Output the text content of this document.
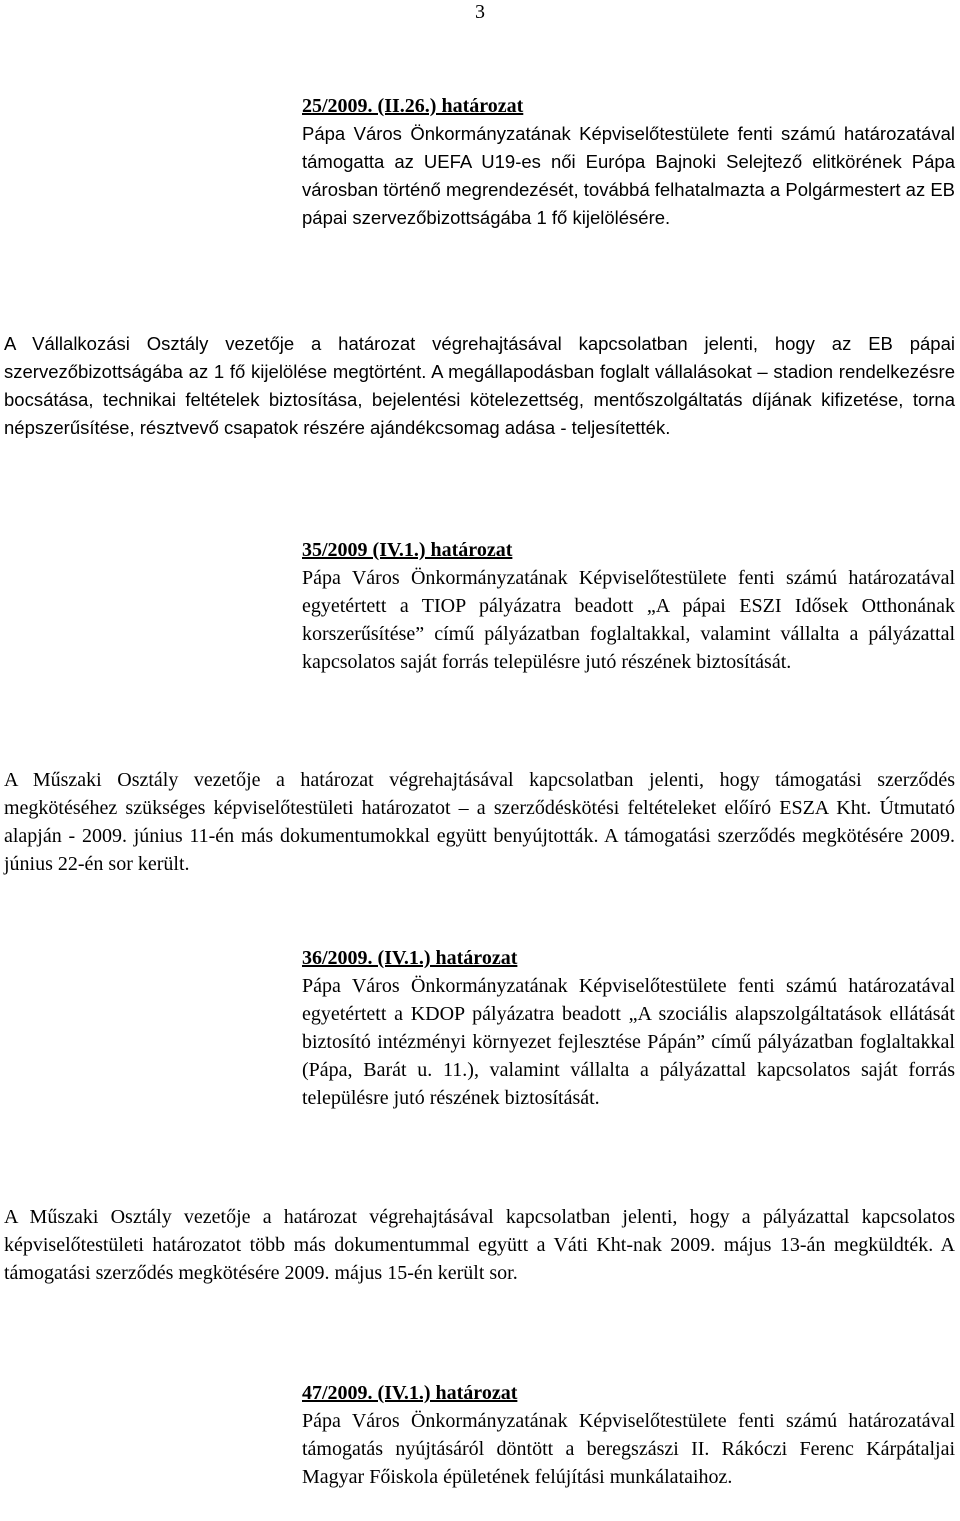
3

25/2009. (II.26.) határozat

Pápa Város Önkormányzatának Képviselőtestülete fenti számú határozatával támogatta az UEFA U19-es női Európa Bajnoki Selejtező elitkörének Pápa városban történő megrendezését, továbbá felhatalmazta a Polgármestert az EB pápai szervezőbizottságába 1 fő kijelölésére.

A Vállalkozási Osztály vezetője a határozat végrehajtásával kapcsolatban jelenti, hogy az EB pápai szervezőbizottságába az 1 fő kijelölése megtörtént. A megállapodásban foglalt vállalásokat – stadion rendelkezésre bocsátása, technikai feltételek biztosítása, bejelentési kötelezettség, mentőszolgáltatás díjának kifizetése, torna népszerűsítése, résztvevő csapatok részére ajándékcsomag adása - teljesítették.

35/2009 (IV.1.) határozat

Pápa Város Önkormányzatának Képviselőtestülete fenti számú határozatával egyetértett a TIOP pályázatra beadott „A pápai ESZI Idősek Otthonának korszerűsítése” című pályázatban foglaltakkal, valamint vállalta a pályázattal kapcsolatos saját forrás településre jutó részének biztosítását.

A Műszaki Osztály vezetője a határozat végrehajtásával kapcsolatban jelenti, hogy támogatási szerződés megkötéséhez szükséges képviselőtestületi határozatot – a szerződéskötési feltételeket előíró ESZA Kht. Útmutató alapján - 2009. június 11-én más dokumentumokkal együtt benyújtották. A támogatási szerződés megkötésére 2009. június 22-én sor került.

36/2009. (IV.1.) határozat

Pápa Város Önkormányzatának Képviselőtestülete fenti számú határozatával egyetértett a KDOP pályázatra beadott „A szociális alapszolgáltatások ellátását biztosító intézményi környezet fejlesztése Pápán” című pályázatban foglaltakkal (Pápa, Barát u. 11.), valamint vállalta a pályázattal kapcsolatos saját forrás településre jutó részének biztosítását.

A Műszaki Osztály vezetője a határozat végrehajtásával kapcsolatban jelenti, hogy a pályázattal kapcsolatos képviselőtestületi határozatot több más dokumentummal együtt a Váti Kht-nak 2009. május 13-án megküldték. A támogatási szerződés megkötésére 2009. május 15-én került sor.

47/2009. (IV.1.) határozat

Pápa Város Önkormányzatának Képviselőtestülete fenti számú határozatával támogatás nyújtásáról döntött a beregszászi II. Rákóczi Ferenc Kárpátaljai Magyar Főiskola épületének felújítási munkálataihoz.
